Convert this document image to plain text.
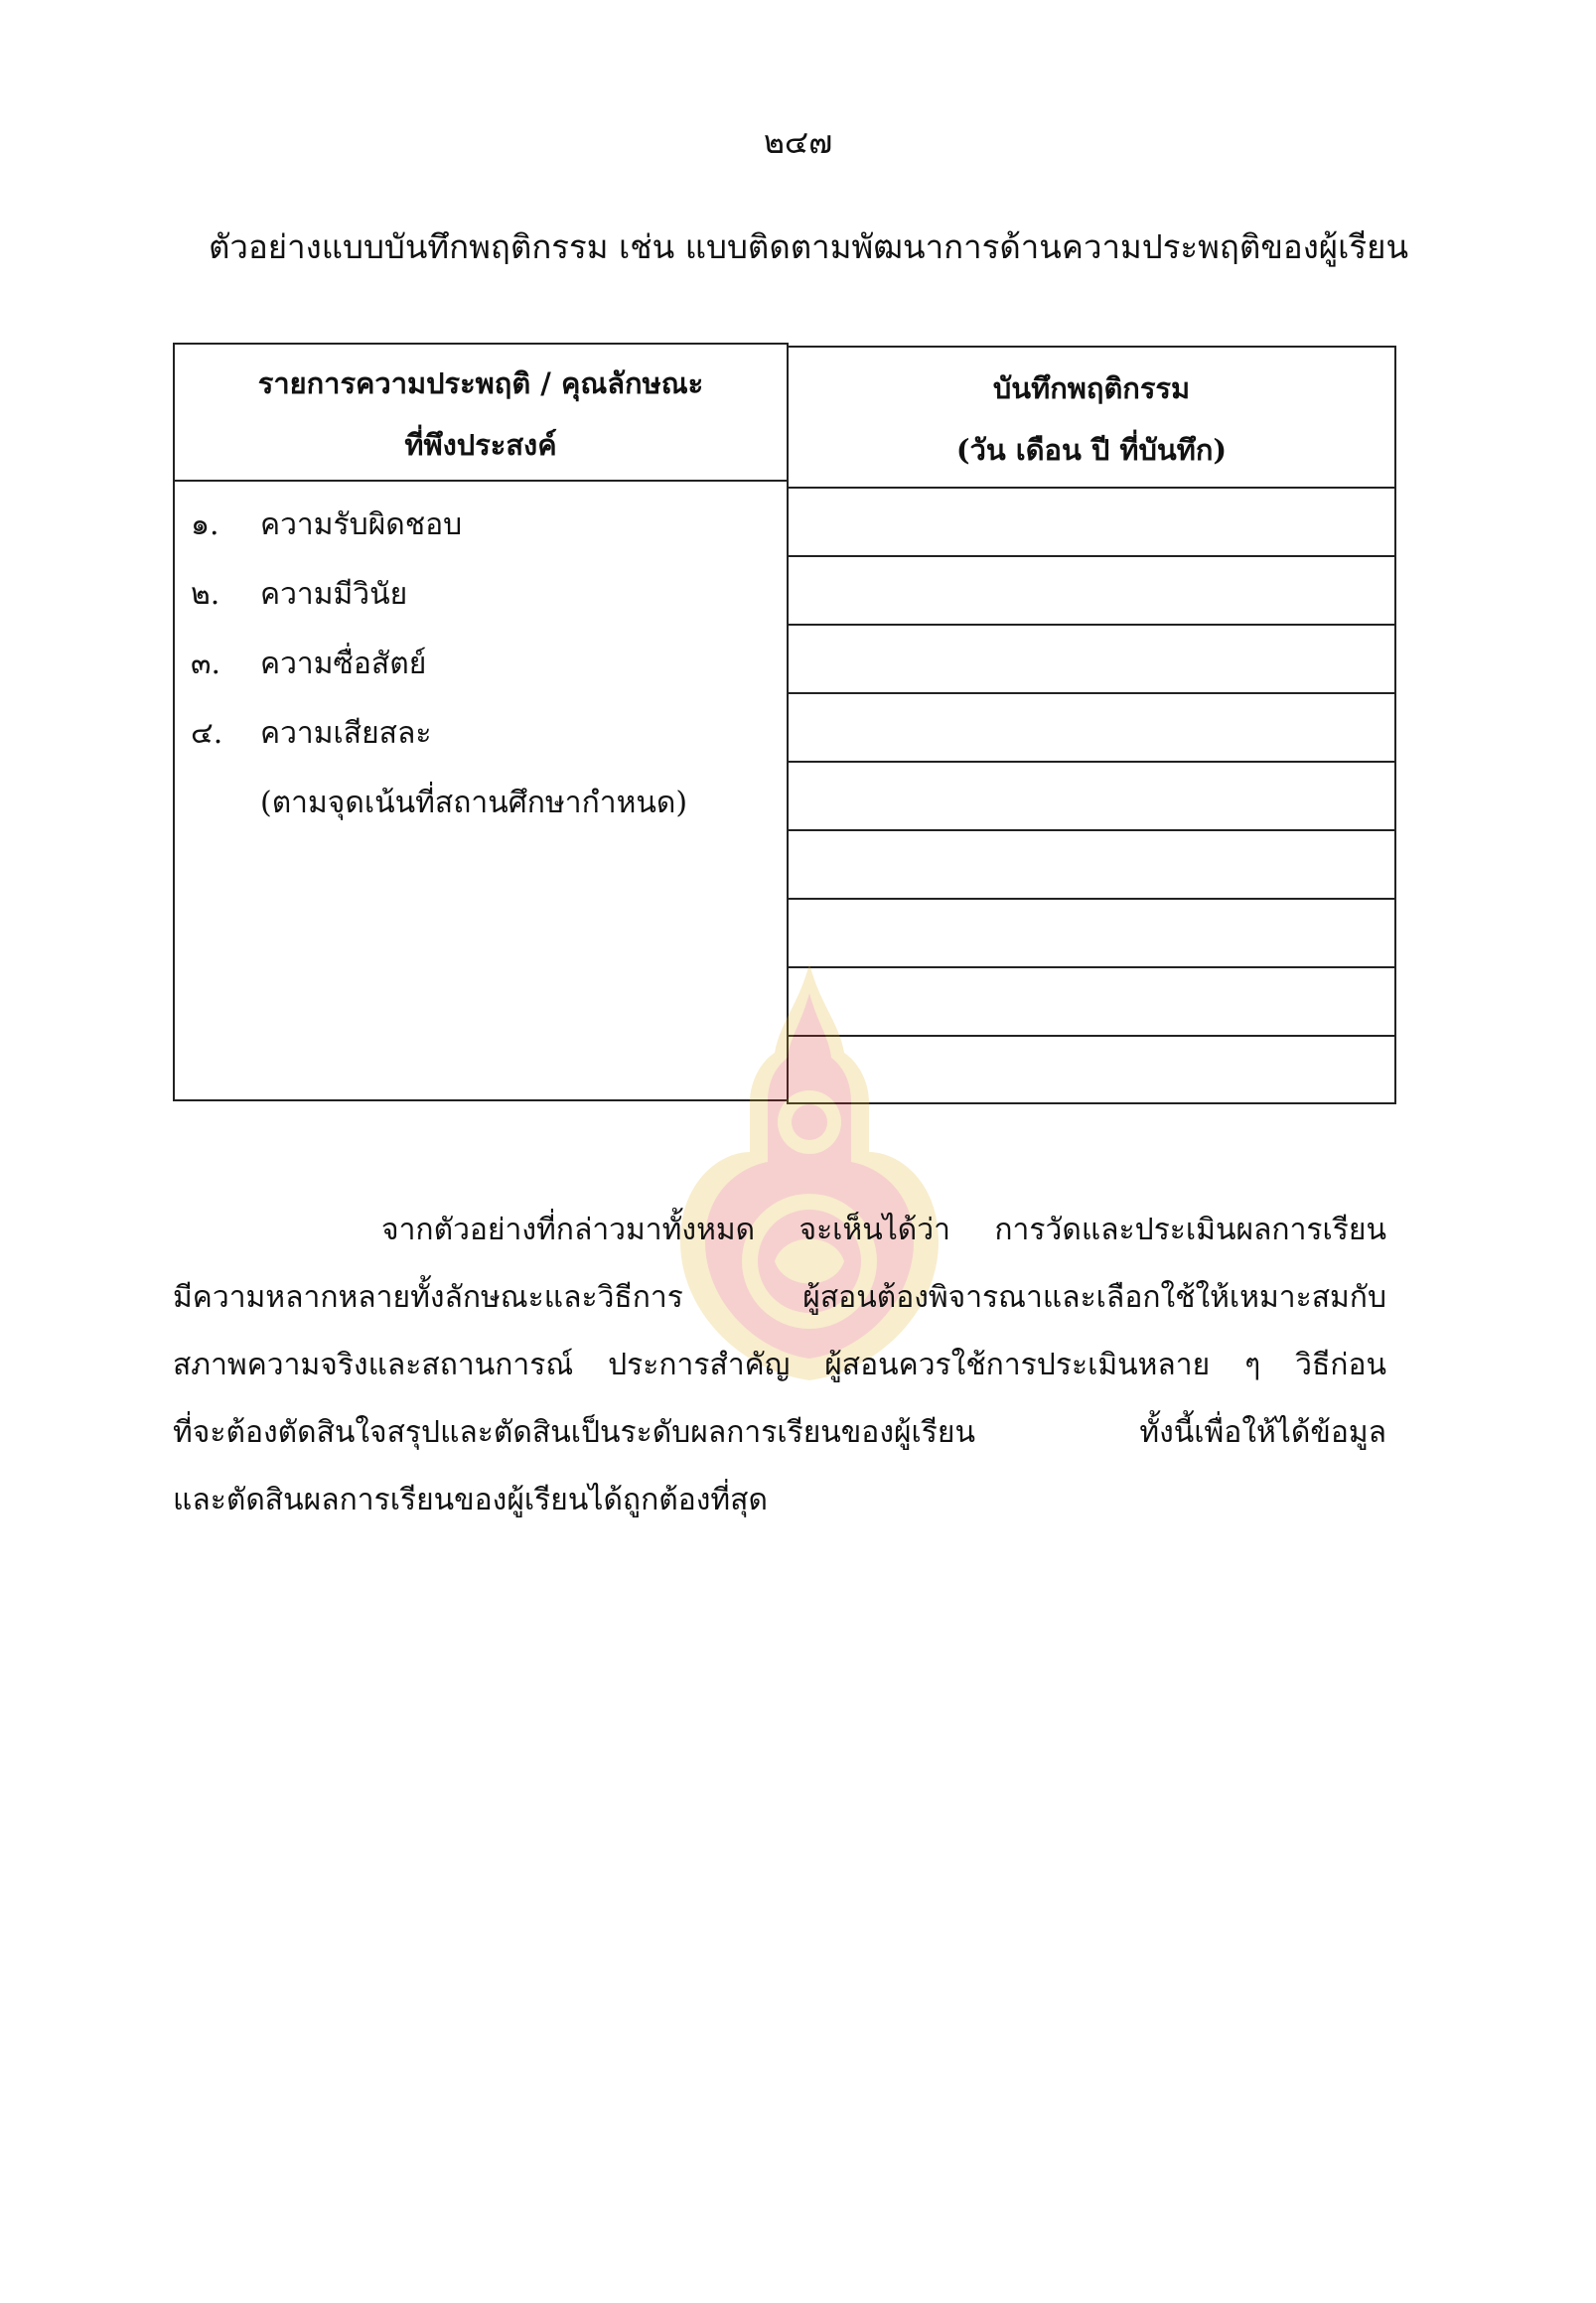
๒๔๗
ตัวอย่างแบบบันทึกพฤติกรรม เช่น แบบติดตามพัฒนาการด้านความประพฤติของผู้เรียน
รายการความประพฤติ / คุณลักษณะ
ที่พึงประสงค์
๑. ความรับผิดชอบ
๒. ความมีวินัย
๓. ความซื่อสัตย์
๔. ความเสียสละ
(ตามจุดเน้นที่สถานศึกษากำหนด)
บันทึกพฤติกรรม
(วัน เดือน ปี ที่บันทึก)
จากตัวอย่างที่กล่าวมาทั้งหมด จะเห็นได้ว่า การวัดและประเมินผลการเรียน
มีความหลากหลายทั้งลักษณะและวิธีการ ผู้สอนต้องพิจารณาและเลือกใช้ให้เหมาะสมกับ
สภาพความจริงและสถานการณ์ ประการสำคัญ ผู้สอนควรใช้การประเมินหลาย ๆ วิธีก่อน
ที่จะต้องตัดสินใจสรุปและตัดสินเป็นระดับผลการเรียนของผู้เรียน ทั้งนี้เพื่อให้ได้ข้อมูล
และตัดสินผลการเรียนของผู้เรียนได้ถูกต้องที่สุด
